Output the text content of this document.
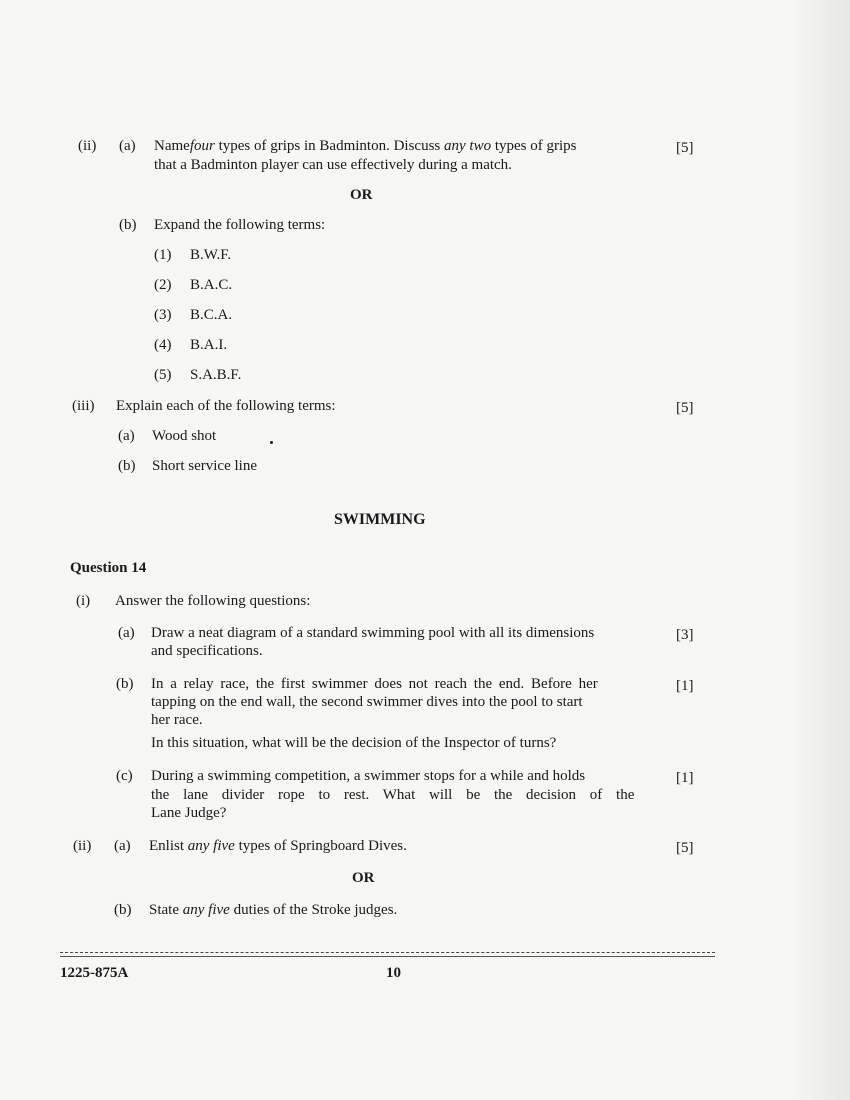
(ii) (a) Namefour types of grips in Badminton. Discuss any two types of grips
that a Badminton player can use effectively during a match.
[5]
OR
(b) Expand the following terms:
(1) B.W.F.
(2) B.A.C.
(3) B.C.A.
(4) B.A.I.
(5) S.A.B.F.
(iii) Explain each of the following terms:	[5]
(a) Wood shot
(b) Short service line
SWIMMING
Question 14
(i) Answer the following questions:
(a) Draw a neat diagram of a standard swimming pool with all its dimensions
and specifications.
[3]
(b) In a relay race, the first swimmer does not reach the end. Before her
tapping on the end wall, the second swimmer dives into the pool to start
her race.
In this situation, what will be the decision of the Inspector of turns?
[1]
(c) During a swimming competition, a swimmer stops for a while and holds
the lane divider rope to rest. What will be the decision of the
Lane Judge?
[1]
(ii) (a) Enlist any five types of Springboard Dives.	[5]
OR
(b) State any five duties of the Stroke judges.
1225-875A	10
